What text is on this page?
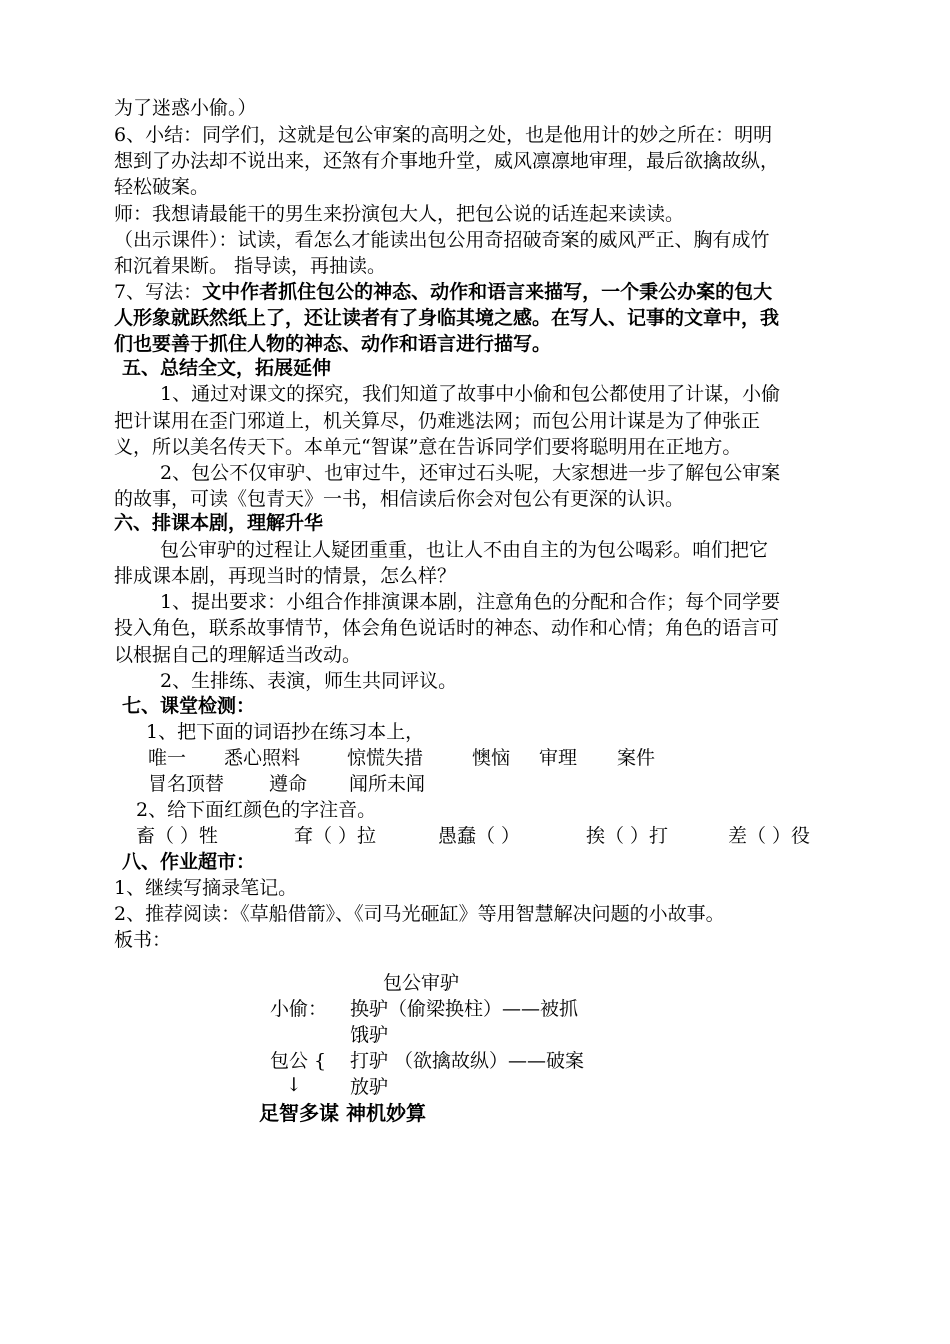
为了迷惑小偷。）
6、小结：同学们，这就是包公审案的高明之处，也是他用计的妙之所在：明明
想到了办法却不说出来，还煞有介事地升堂，威风凛凛地审理，最后欲擒故纵，
轻松破案。
师：我想请最能干的男生来扮演包大人，把包公说的话连起来读读。
（出示课件）：试读，看怎么才能读出包公用奇招破奇案的威风严正、胸有成竹
和沉着果断。 指导读，再抽读。
7、写法：文中作者抓住包公的神态、动作和语言来描写，一个秉公办案的包大
人形象就跃然纸上了，还让读者有了身临其境之感。在写人、记事的文章中，我
们也要善于抓住人物的神态、动作和语言进行描写。
五、总结全文，拓展延伸
1、通过对课文的探究，我们知道了故事中小偷和包公都使用了计谋，小偷
把计谋用在歪门邪道上，机关算尽，仍难逃法网；而包公用计谋是为了伸张正
义，所以美名传天下。本单元“智谋”意在告诉同学们要将聪明用在正地方。
2、包公不仅审驴、也审过牛，还审过石头呢，大家想进一步了解包公审案
的故事，可读《包青天》一书，相信读后你会对包公有更深的认识。
六、排课本剧，理解升华
包公审驴的过程让人疑团重重，也让人不由自主的为包公喝彩。咱们把它
排成课本剧，再现当时的情景，怎么样？
1、提出要求：小组合作排演课本剧，注意角色的分配和合作；每个同学要
投入角色，联系故事情节，体会角色说话时的神态、动作和心情；角色的语言可
以根据自己的理解适当改动。
2、生排练、表演，师生共同评议。
七、课堂检测：
1、把下面的词语抄在练习本上，
唯一 悉心照料 惊慌失措	懊恼 审理 案件
冒名顶替 遵命 闻所未闻
2、给下面红颜色的字注音。
畜（ ）牲	耷（ ）拉	愚蠢（ ）	挨（ ）打	差（ ）役
八、作业超市：
1、继续写摘录笔记。
2、推荐阅读：《草船借箭》、《司马光砸缸》等用智慧解决问题的小故事。
板书：
包公审驴
小偷： 换驴（偷梁换柱）——被抓
饿驴
包公 { 打驴 （欲擒故纵）——破案
↓	放驴
足智多谋 神机妙算
